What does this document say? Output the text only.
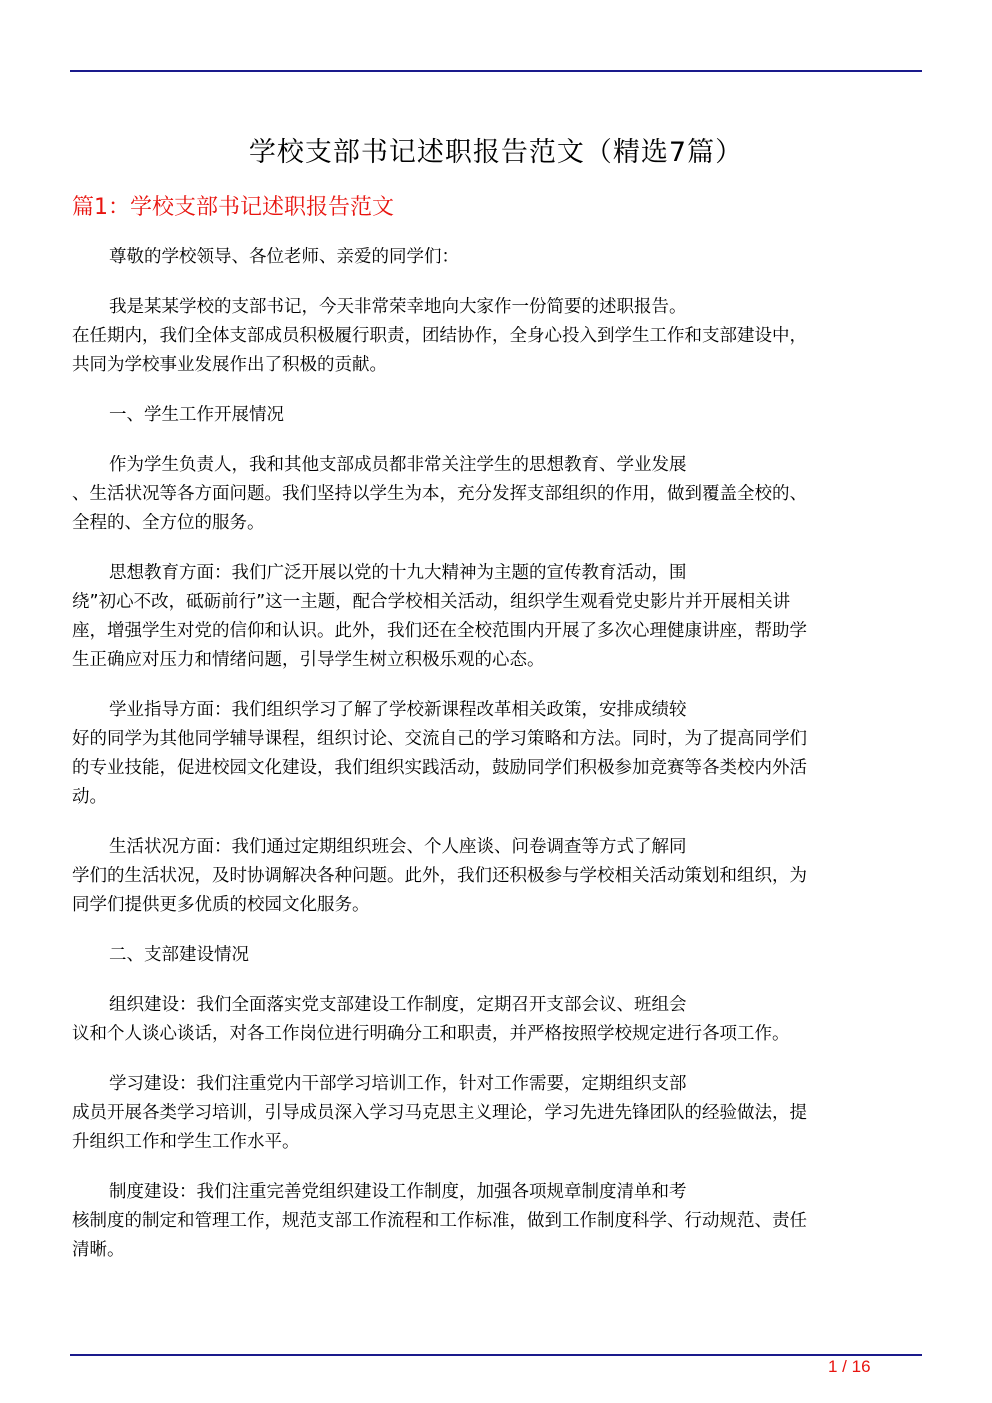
学校支部书记述职报告范文（精选7篇）
篇1：学校支部书记述职报告范文
尊敬的学校领导、各位老师、亲爱的同学们：
我是某某学校的支部书记，今天非常荣幸地向大家作一份简要的述职报告。
在任期内，我们全体支部成员积极履行职责，团结协作，全身心投入到学生工作和支部建设中，
共同为学校事业发展作出了积极的贡献。
一、学生工作开展情况
作为学生负责人，我和其他支部成员都非常关注学生的思想教育、学业发展
、生活状况等各方面问题。我们坚持以学生为本，充分发挥支部组织的作用，做到覆盖全校的、
全程的、全方位的服务。
思想教育方面：我们广泛开展以党的十九大精神为主题的宣传教育活动，围
绕”初心不改，砥砺前行”这一主题，配合学校相关活动，组织学生观看党史影片并开展相关讲
座，增强学生对党的信仰和认识。此外，我们还在全校范围内开展了多次心理健康讲座，帮助学
生正确应对压力和情绪问题，引导学生树立积极乐观的心态。
学业指导方面：我们组织学习了解了学校新课程改革相关政策，安排成绩较
好的同学为其他同学辅导课程，组织讨论、交流自己的学习策略和方法。同时，为了提高同学们
的专业技能，促进校园文化建设，我们组织实践活动，鼓励同学们积极参加竞赛等各类校内外活
动。
生活状况方面：我们通过定期组织班会、个人座谈、问卷调查等方式了解同
学们的生活状况，及时协调解决各种问题。此外，我们还积极参与学校相关活动策划和组织，为
同学们提供更多优质的校园文化服务。
二、支部建设情况
组织建设：我们全面落实党支部建设工作制度，定期召开支部会议、班组会
议和个人谈心谈话，对各工作岗位进行明确分工和职责，并严格按照学校规定进行各项工作。
学习建设：我们注重党内干部学习培训工作，针对工作需要，定期组织支部
成员开展各类学习培训，引导成员深入学习马克思主义理论，学习先进先锋团队的经验做法，提
升组织工作和学生工作水平。
制度建设：我们注重完善党组织建设工作制度，加强各项规章制度清单和考
核制度的制定和管理工作，规范支部工作流程和工作标准，做到工作制度科学、行动规范、责任
清晰。
1 / 16
